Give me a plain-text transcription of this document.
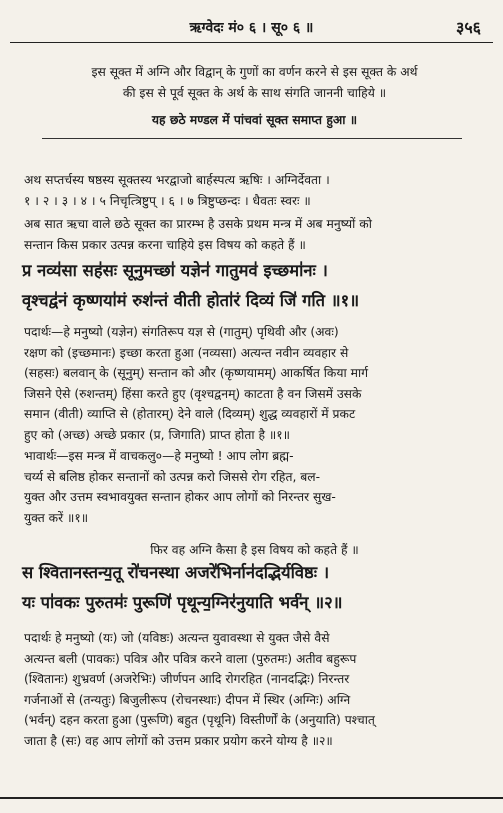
ऋग्वेदः मं० ६ । सू० ६ ॥	३५६
इस सूक्त में अग्नि और विद्वान् के गुणों का वर्णन करने से इस सूक्त के अर्थ
की इस से पूर्व सूक्त के अर्थ के साथ संगति जाननी चाहिये ॥
यह छठे मण्डल में पांचवां सूक्त समाप्त हुआ ॥
अथ सप्तर्चस्य षष्ठस्य सूक्तस्य भरद्वाजो बार्हस्पत्य ऋषिः । अग्निर्देवता ।
१ । २ । ३ । ४ । ५ निचृत्त्रिष्टुप् । ६ । ७ त्रिष्टुप्छन्दः । धैवतः स्वरः ॥
अब सात ऋचा वाले छठे सूक्त का प्रारम्भ है उसके प्रथम मन्त्र में अब मनुष्यों को
सन्तान किस प्रकार उत्पन्न करना चाहिये इस विषय को कहते हैं ॥
प्र नव्य॑सा सह॑सः सूनुमच्छा॑ यज्ञेन॑ गातुमव॑ इच्छमा॑नः ।
वृश्चद्व॑नं कृष्णया॑मं रुश॑न्तं वीती होता॑रं दिव्यं जि॑ गति ॥१॥
पदार्थः—हे मनुष्यो (यज्ञेन) संगतिरूप यज्ञ से (गातुम्) पृथिवी और (अवः)
रक्षण को (इच्छमानः) इच्छा करता हुआ (नव्यसा) अत्यन्त नवीन व्यवहार से
(सहसः) बलवान् के (सूनुम्) सन्तान को और (कृष्णयामम्) आकर्षित किया मार्ग
जिसने ऐसे (रुशन्तम्) हिंसा करते हुए (वृश्चद्वनम्) काटता है वन जिसमें उसके
समान (वीती) व्याप्ति से (होतारम्) देने वाले (दिव्यम्) शुद्ध व्यवहारों में प्रकट
हुए को (अच्छ) अच्छे प्रकार (प्र, जिगाति) प्राप्त होता है ॥१॥
भावार्थः—इस मन्त्र में वाचकलु०—हे मनुष्यो ! आप लोग ब्रह्म-
चर्य्य से बलिष्ठ होकर सन्तानों को उत्पन्न करो जिससे रोग रहित, बल-
युक्त और उत्तम स्वभावयुक्त सन्तान होकर आप लोगों को निरन्तर सुख-
युक्त करें ॥१॥
फिर वह अग्नि कैसा है इस विषय को कहते हैं ॥
स श्वितानस्तन्य॒तू रो॑चनस्था अजरे॑भिर्नान॑दद्भिर्यविष्ठः ।
यः पा॑वकः पुरुतमः॑ पुरूणि॑ पृथून्य॒ग्निर॑नुयाति भर्व॑न् ॥२॥
पदार्थः हे मनुष्यो (यः) जो (यविष्ठः) अत्यन्त युवावस्था से युक्त जैसे वैसे
अत्यन्त बली (पावकः) पवित्र और पवित्र करने वाला (पुरुतमः) अतीव बहुरूप
(श्वितानः) शुभ्रवर्ण (अजरेभिः) जीर्णपन आदि रोगरहित (नानदद्भिः) निरन्तर
गर्जनाओं से (तन्यतुः) बिजुलीरूप (रोचनस्थाः) दीपन में स्थिर (अग्निः) अग्नि
(भर्वन्) दहन करता हुआ (पुरूणि) बहुत (पृथूनि) विस्तीर्णों के (अनुयाति) पश्चात्
जाता है (सः) वह आप लोगों को उत्तम प्रकार प्रयोग करने योग्य है ॥२॥
